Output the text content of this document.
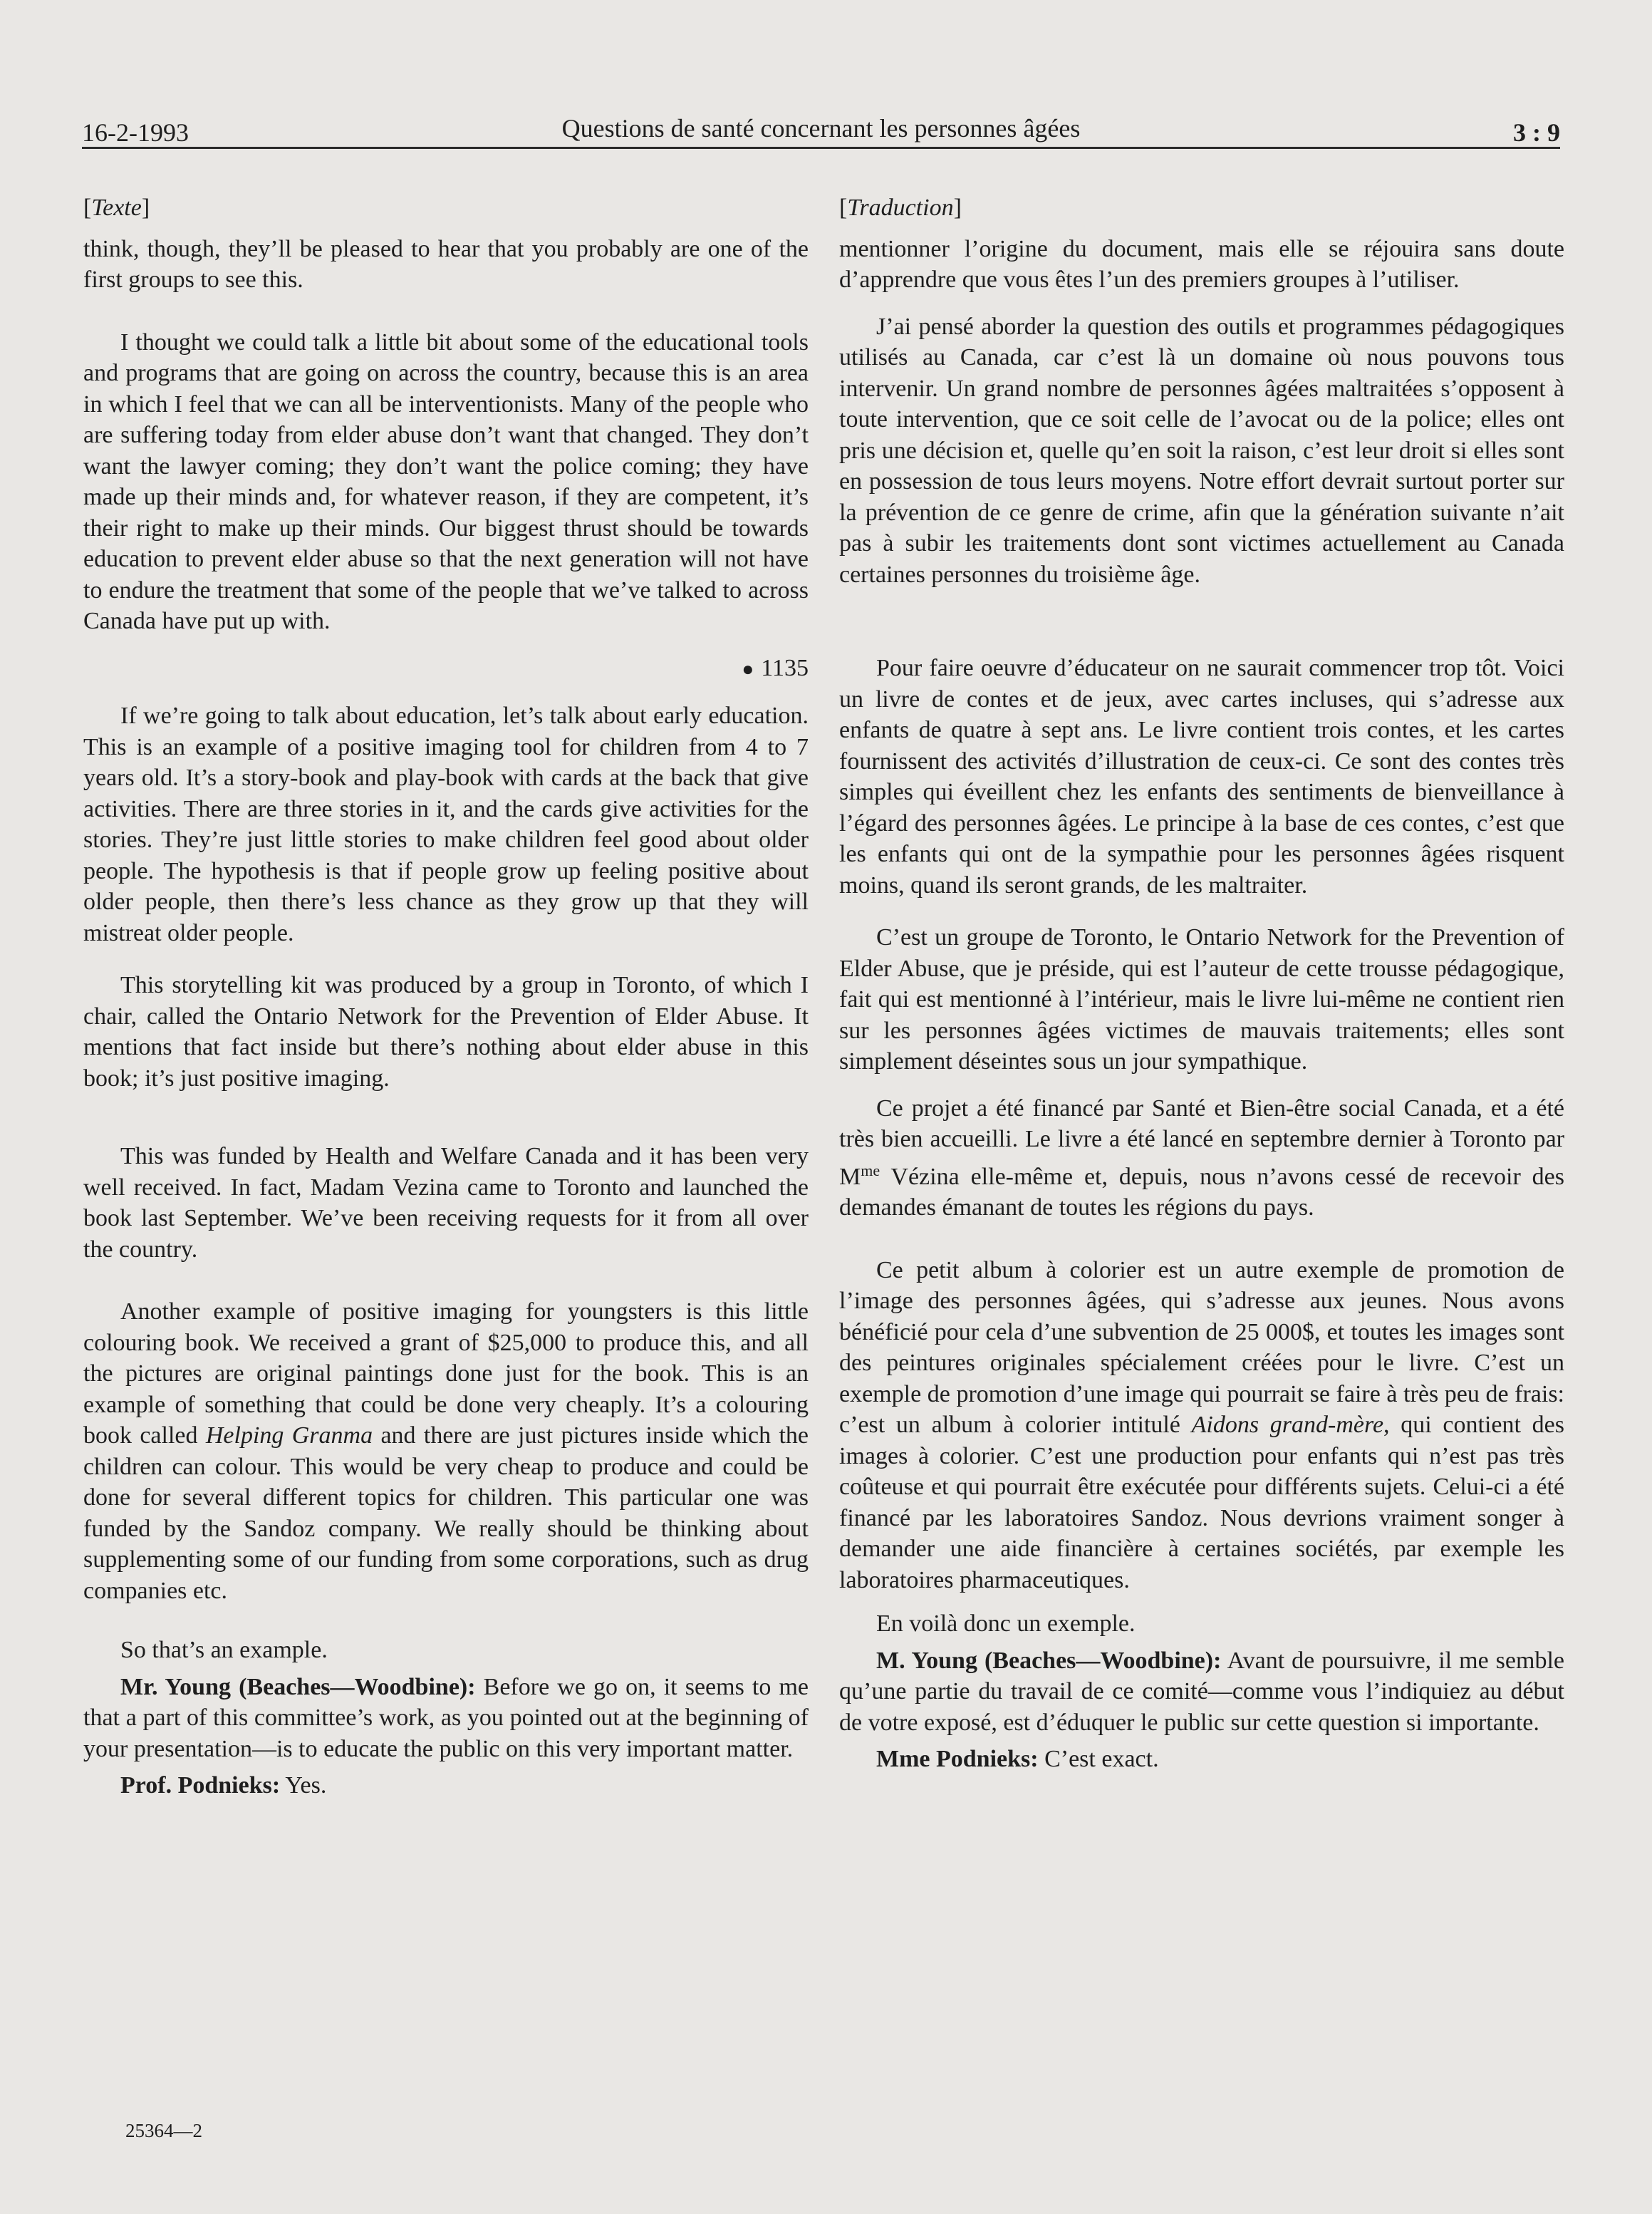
16-2-1993	Questions de santé concernant les personnes âgées	3 : 9
[Texte]

think, though, they’ll be pleased to hear that you probably are one of the first groups to see this.

I thought we could talk a little bit about some of the educational tools and programs that are going on across the country, because this is an area in which I feel that we can all be interventionists. Many of the people who are suffering today from elder abuse don’t want that changed. They don’t want the lawyer coming; they don’t want the police coming; they have made up their minds and, for whatever reason, if they are competent, it’s their right to make up their minds. Our biggest thrust should be towards education to prevent elder abuse so that the next generation will not have to endure the treatment that some of the people that we’ve talked to across Canada have put up with.

● 1135

If we’re going to talk about education, let’s talk about early education. This is an example of a positive imaging tool for children from 4 to 7 years old. It’s a story-book and play-book with cards at the back that give activities. There are three stories in it, and the cards give activities for the stories. They’re just little stories to make children feel good about older people. The hypothesis is that if people grow up feeling positive about older people, then there’s less chance as they grow up that they will mistreat older people.

This storytelling kit was produced by a group in Toronto, of which I chair, called the Ontario Network for the Prevention of Elder Abuse. It mentions that fact inside but there’s nothing about elder abuse in this book; it’s just positive imaging.

This was funded by Health and Welfare Canada and it has been very well received. In fact, Madam Vezina came to Toronto and launched the book last September. We’ve been receiving requests for it from all over the country.

Another example of positive imaging for youngsters is this little colouring book. We received a grant of $25,000 to produce this, and all the pictures are original paintings done just for the book. This is an example of something that could be done very cheaply. It’s a colouring book called Helping Granma and there are just pictures inside which the children can colour. This would be very cheap to produce and could be done for several different topics for children. This particular one was funded by the Sandoz company. We really should be thinking about supplementing some of our funding from some corporations, such as drug companies etc.

So that’s an example.

Mr. Young (Beaches—Woodbine): Before we go on, it seems to me that a part of this committee’s work, as you pointed out at the beginning of your presentation—is to educate the public on this very important matter.

Prof. Podnieks: Yes.

[Traduction]

mentionner l’origine du document, mais elle se réjouira sans doute d’apprendre que vous êtes l’un des premiers groupes à l’utiliser.

J’ai pensé aborder la question des outils et programmes pédagogiques utilisés au Canada, car c’est là un domaine où nous pouvons tous intervenir. Un grand nombre de personnes âgées maltraitées s’opposent à toute intervention, que ce soit celle de l’avocat ou de la police; elles ont pris une décision et, quelle qu’en soit la raison, c’est leur droit si elles sont en possession de tous leurs moyens. Notre effort devrait surtout porter sur la prévention de ce genre de crime, afin que la génération suivante n’ait pas à subir les traitements dont sont victimes actuellement au Canada certaines personnes du troisième âge.

Pour faire oeuvre d’éducateur on ne saurait commencer trop tôt. Voici un livre de contes et de jeux, avec cartes incluses, qui s’adresse aux enfants de quatre à sept ans. Le livre contient trois contes, et les cartes fournissent des activités d’illustration de ceux-ci. Ce sont des contes très simples qui éveillent chez les enfants des sentiments de bienveillance à l’égard des personnes âgées. Le principe à la base de ces contes, c’est que les enfants qui ont de la sympathie pour les personnes âgées risquent moins, quand ils seront grands, de les maltraiter.

C’est un groupe de Toronto, le Ontario Network for the Prevention of Elder Abuse, que je préside, qui est l’auteur de cette trousse pédagogique, fait qui est mentionné à l’intérieur, mais le livre lui-même ne contient rien sur les personnes âgées victimes de mauvais traitements; elles sont simplement déseintes sous un jour sympathique.

Ce projet a été financé par Santé et Bien-être social Canada, et a été très bien accueilli. Le livre a été lancé en septembre dernier à Toronto par $M^{me}$ Vézina elle-même et, depuis, nous n’avons cessé de recevoir des demandes émanant de toutes les régions du pays.

Ce petit album à colorier est un autre exemple de promotion de l’image des personnes âgées, qui s’adresse aux jeunes. Nous avons bénéficié pour cela d’une subvention de 25 000$, et toutes les images sont des peintures originales spécialement créées pour le livre. C’est un exemple de promotion d’une image qui pourrait se faire à très peu de frais: c’est un album à colorier intitulé Aidons grand-mère, qui contient des images à colorier. C’est une production pour enfants qui n’est pas très coûteuse et qui pourrait être exécutée pour différents sujets. Celui-ci a été financé par les laboratoires Sandoz. Nous devrions vraiment songer à demander une aide financière à certaines sociétés, par exemple les laboratoires pharmaceutiques.

En voilà donc un exemple.

M. Young (Beaches—Woodbine): Avant de poursuivre, il me semble qu’une partie du travail de ce comité—comme vous l’indiquiez au début de votre exposé, est d’éduquer le public sur cette question si importante.

Mme Podnieks: C’est exact.

25364—2
